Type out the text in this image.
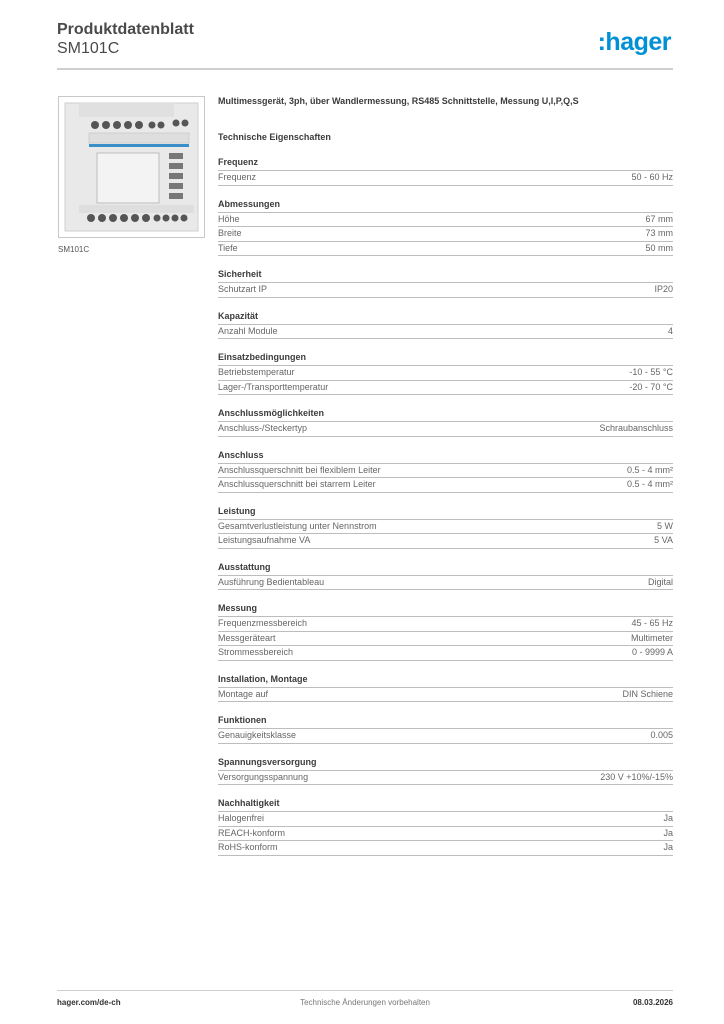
Produktdatenblatt
SM101C	:hager
SM101C
Multimessgerät, 3ph, über Wandlermessung, RS485 Schnittstelle, Messung U,I,P,Q,S
Technische Eigenschaften
Frequenz
Frequenz	50 - 60 Hz
Abmessungen
Höhe	67 mm
Breite	73 mm
Tiefe	50 mm
Sicherheit
Schutzart IP	IP20
Kapazität
Anzahl Module	4
Einsatzbedingungen
Betriebstemperatur	-10 - 55 °C
Lager-/Transporttemperatur	-20 - 70 °C
Anschlussmöglichkeiten
Anschluss-/Steckertyp	Schraubanschluss
Anschluss
Anschlussquerschnitt bei flexiblem Leiter	0.5 - 4 mm²
Anschlussquerschnitt bei starrem Leiter	0.5 - 4 mm²
Leistung
Gesamtverlustleistung unter Nennstrom	5 W
Leistungsaufnahme VA	5 VA
Ausstattung
Ausführung Bedientableau	Digital
Messung
Frequenzmessbereich	45 - 65 Hz
Messgeräteart	Multimeter
Strommessbereich	0 - 9999 A
Installation, Montage
Montage auf	DIN Schiene
Funktionen
Genauigkeitsklasse	0.005
Spannungsversorgung
Versorgungsspannung	230 V +10%/-15%
Nachhaltigkeit
Halogenfrei	Ja
REACH-konform	Ja
RoHS-konform	Ja
hager.com/de-ch	Technische Änderungen vorbehalten	08.03.2026
